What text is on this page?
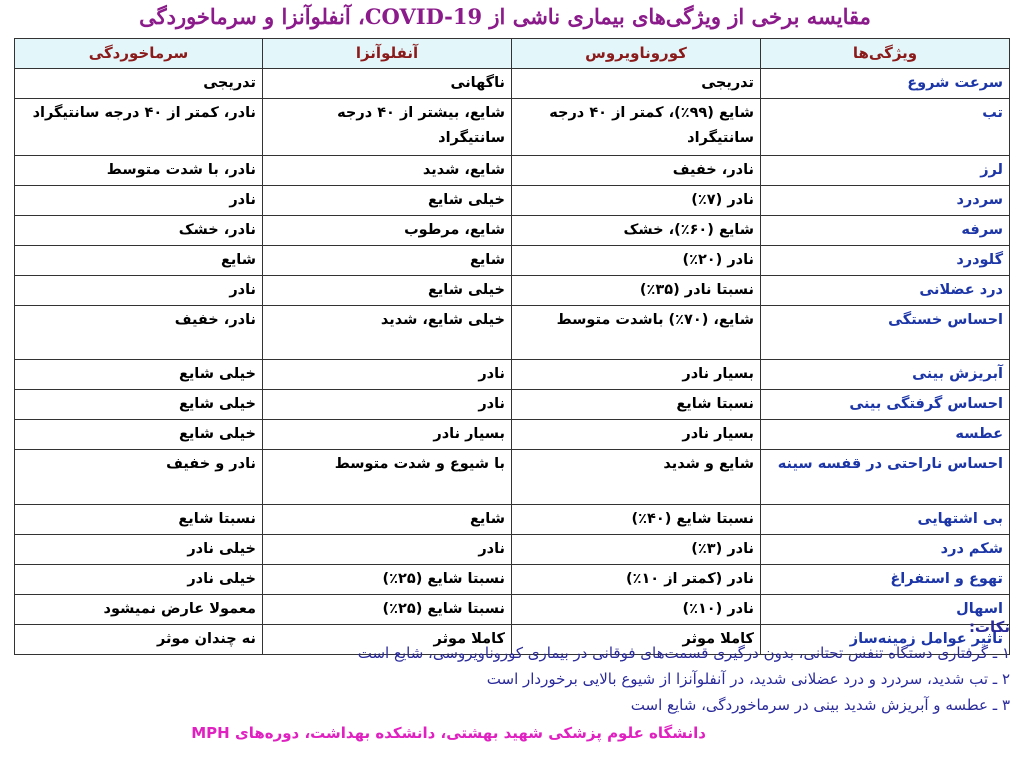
مقایسه برخی از ویژگی‌های بیماری ناشی از COVID-19، آنفلوآنزا و سرماخوردگی
ویژگی‌ها	کوروناویروس	آنفلوآنزا	سرماخوردگی
سرعت شروع	تدریجی	ناگهانی	تدریجی
تب	شایع (۹۹٪)، کمتر از ۴۰ درجه سانتیگراد	شایع، بیشتر از ۴۰ درجه سانتیگراد	نادر، کمتر از ۴۰ درجه سانتیگراد
لرز	نادر، خفیف	شایع، شدید	نادر، با شدت متوسط
سردرد	نادر (۷٪)	خیلی شایع	نادر
سرفه	شایع (۶۰٪)، خشک	شایع، مرطوب	نادر، خشک
گلودرد	نادر (۲۰٪)	شایع	شایع
درد عضلانی	نسبتا نادر (۳۵٪)	خیلی شایع	نادر
احساس خستگی	شایع، (۷۰٪) باشدت متوسط	خیلی شایع، شدید	نادر، خفیف
آبریزش بینی	بسیار نادر	نادر	خیلی شایع
احساس گرفتگی بینی	نسبتا شایع	نادر	خیلی شایع
عطسه	بسیار نادر	بسیار نادر	خیلی شایع
احساس ناراحتی در قفسه سینه	شایع و شدید	با شیوع و شدت متوسط	نادر و خفیف
بی اشتهایی	نسبتا شایع (۴۰٪)	شایع	نسبتا شایع
شکم درد	نادر (۳٪)	نادر	خیلی نادر
تهوع و استفراغ	نادر (کمتر از ۱۰٪)	نسبتا شایع (۲۵٪)	خیلی نادر
اسهال	نادر (۱۰٪)	نسبتا شایع (۲۵٪)	معمولا عارض نمیشود
تاثیر عوامل زمینه‌ساز	کاملا موثر	کاملا موثر	نه چندان موثر
نکات:
۱ ـ گرفتاری دستگاه تنفس تحتانی، بدون درگیری قسمت‌های فوقانی در بیماری کوروناویروسی، شایع است
۲ ـ تب شدید، سردرد و درد عضلانی شدید، در آنفلوآنزا از شیوع بالایی برخوردار است
۳ ـ عطسه و آبریزش شدید بینی در سرماخوردگی، شایع است
دانشگاه علوم پزشکی شهید بهشتی، دانشکده بهداشت، دوره‌های MPH
